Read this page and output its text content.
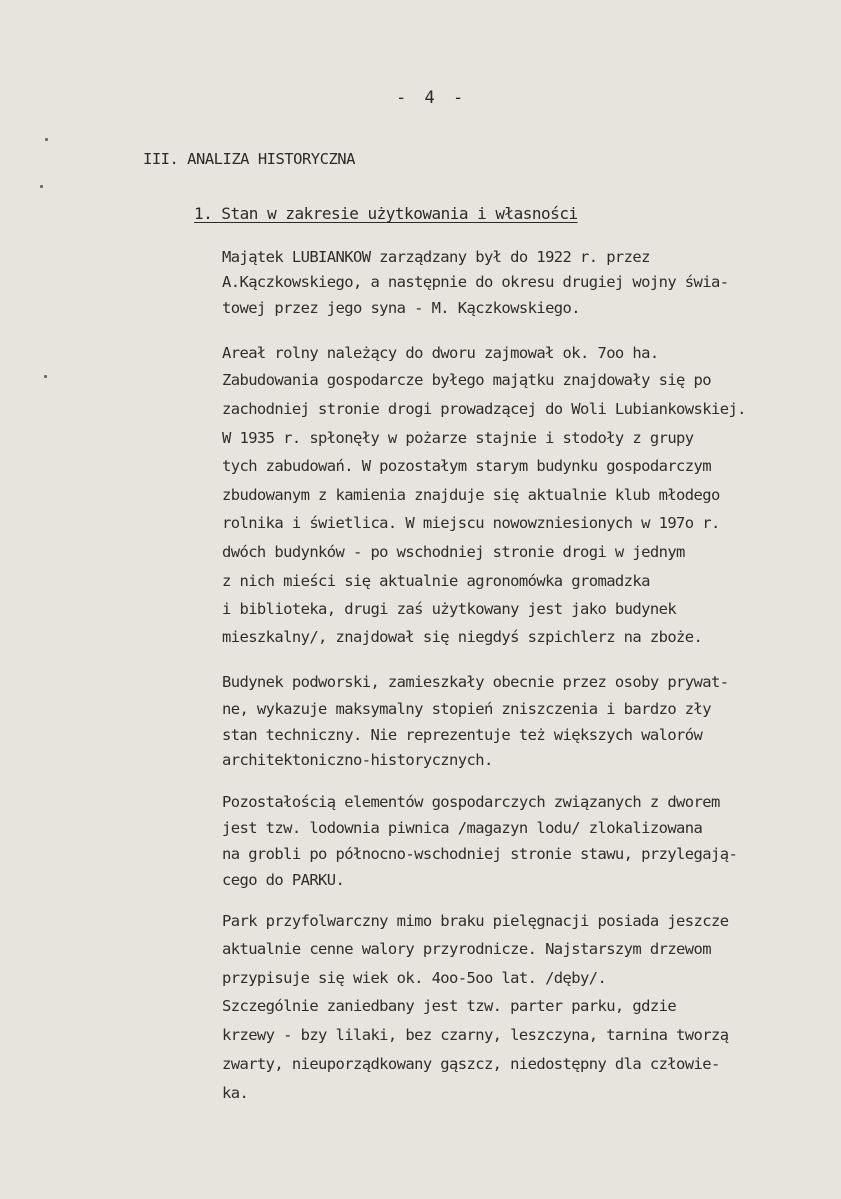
- 4 -
III. ANALIZA HISTORYCZNA
1. Stan w zakresie użytkowania i własności
Majątek LUBIANKOW zarządzany był do 1922 r. przez
A.Kączkowskiego, a następnie do okresu drugiej wojny świa-
towej przez jego syna - M. Kączkowskiego.
Areał rolny należący do dworu zajmował ok. 7oo ha.
Zabudowania gospodarcze byłego majątku znajdowały się po
zachodniej stronie drogi prowadzącej do Woli Lubiankowskiej.
W 1935 r. spłonęły w pożarze stajnie i stodoły z grupy
tych zabudowań. W pozostałym starym budynku gospodarczym
zbudowanym z kamienia znajduje się aktualnie klub młodego
rolnika i świetlica. W miejscu nowowzniesionych w 197o r.
dwóch budynków - po wschodniej stronie drogi w jednym
z nich mieści się aktualnie agronomówka gromadzka
i biblioteka, drugi zaś użytkowany jest jako budynek
mieszkalny/, znajdował się niegdyś szpichlerz na zboże.
Budynek podworski, zamieszkały obecnie przez osoby prywat-
ne, wykazuje maksymalny stopień zniszczenia i bardzo zły
stan techniczny. Nie reprezentuje też większych walorów
architektoniczno-historycznych.
Pozostałością elementów gospodarczych związanych z dworem
jest tzw. lodownia piwnica /magazyn lodu/ zlokalizowana
na grobli po północno-wschodniej stronie stawu, przylegają-
cego do PARKU.
Park przyfolwarczny mimo braku pielęgnacji posiada jeszcze
aktualnie cenne walory przyrodnicze. Najstarszym drzewom
przypisuje się wiek ok. 4oo-5oo lat. /dęby/.
Szczególnie zaniedbany jest tzw. parter parku, gdzie
krzewy - bzy lilaki, bez czarny, leszczyna, tarnina tworzą
zwarty, nieuporządkowany gąszcz, niedostępny dla człowie-
ka.
